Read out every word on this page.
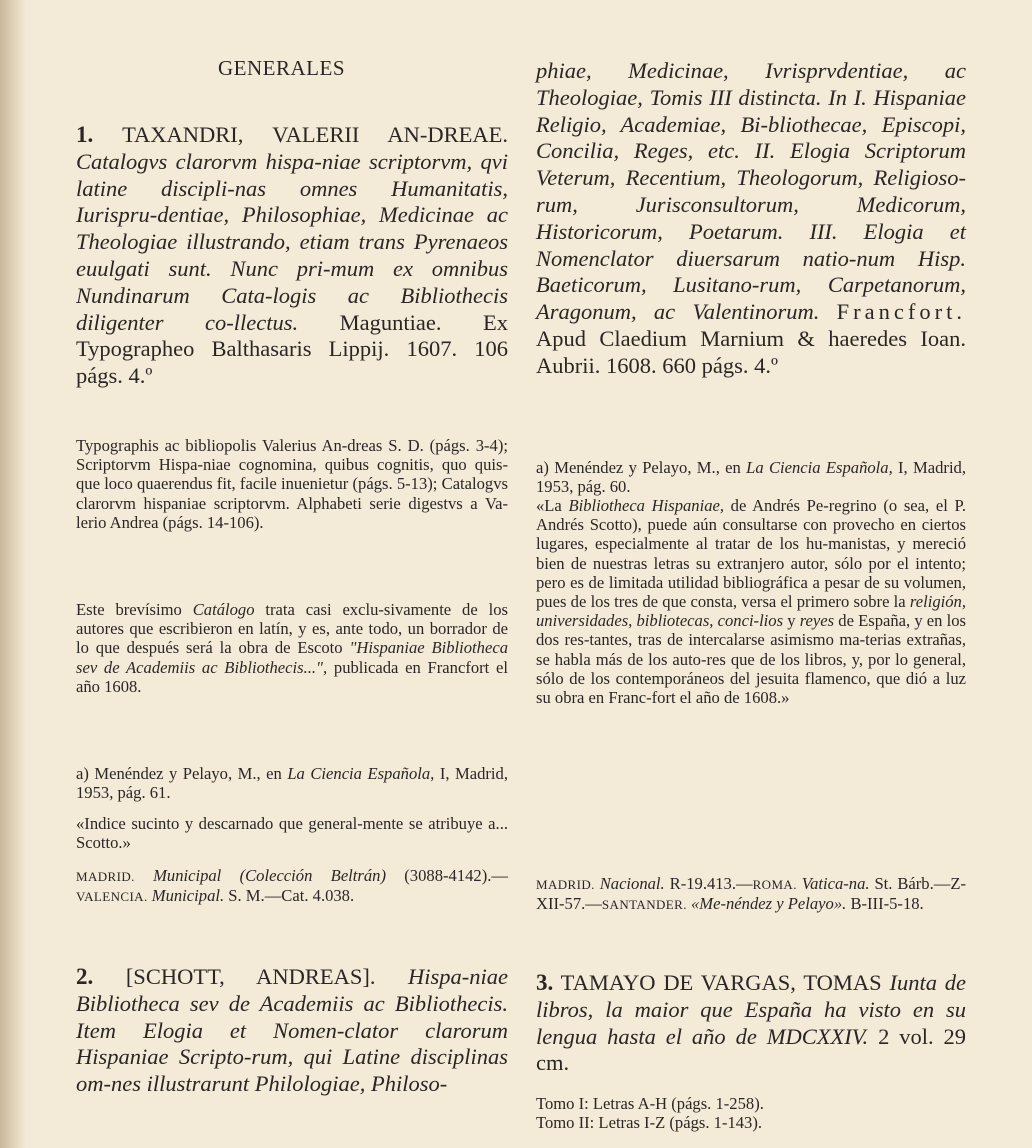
GENERALES

1. TAXANDRI, VALERII AN-DREAE. Catalogvs clarorvm hispa-niae scriptorvm, qvi latine discipli-nas omnes Humanitatis, Iurispru-dentiae, Philosophiae, Medicinae ac Theologiae illustrando, etiam trans Pyrenaeos euulgati sunt. Nunc pri-mum ex omnibus Nundinarum Cata-logis ac Bibliothecis diligenter co-llectus. Maguntiae. Ex Typographeo Balthasaris Lippij. 1607. 106 págs. 4.º

Typographis ac bibliopolis Valerius An-dreas S. D. (págs. 3-4); Scriptorvm Hispa-niae cognomina, quibus cognitis, quo quis-que loco quaerendus fit, facile inuenietur (págs. 5-13); Catalogvs clarorvm hispaniae scriptorvm. Alphabeti serie digestvs a Va-lerio Andrea (págs. 14-106).

Este brevísimo Catálogo trata casi exclu-sivamente de los autores que escribieron en latín, y es, ante todo, un borrador de lo que después será la obra de Escoto "Hispaniae Bibliotheca sev de Academiis ac Bibliothecis...", publicada en Francfort el año 1608.

a) Menéndez y Pelayo, M., en La Ciencia Española, I, Madrid, 1953, pág. 61.

«Indice sucinto y descarnado que general-mente se atribuye a... Scotto.»

MADRID. Municipal (Colección Beltrán) (3088-4142).—VALENCIA. Municipal. S. M.—Cat. 4.038.

2. [SCHOTT, ANDREAS]. Hispa-niae Bibliotheca sev de Academiis ac Bibliothecis. Item Elogia et Nomen-clator clarorum Hispaniae Scripto-rum, qui Latine disciplinas om-nes illustrarunt Philologiae, Philoso-

phiae, Medicinae, Ivrisprvdentiae, ac Theologiae, Tomis III distincta. In I. Hispaniae Religio, Academiae, Bi-bliothecae, Episcopi, Concilia, Reges, etc. II. Elogia Scriptorum Veterum, Recentium, Theologorum, Religioso-rum, Jurisconsultorum, Medicorum, Historicorum, Poetarum. III. Elogia et Nomenclator diuersarum natio-num Hisp. Baeticorum, Lusitano-rum, Carpetanorum, Aragonum, ac Valentinorum. Francfort. Apud Claedium Marnium & haeredes Ioan. Aubrii. 1608. 660 págs. 4.º

a) Menéndez y Pelayo, M., en La Ciencia Española, I, Madrid, 1953, pág. 60.

«La Bibliotheca Hispaniae, de Andrés Pe-regrino (o sea, el P. Andrés Scotto), puede aún consultarse con provecho en ciertos lugares, especialmente al tratar de los hu-manistas, y mereció bien de nuestras letras su extranjero autor, sólo por el intento; pero es de limitada utilidad bibliográfica a pesar de su volumen, pues de los tres de que consta, versa el primero sobre la religión, universidades, bibliotecas, conci-lios y reyes de España, y en los dos res-tantes, tras de intercalarse asimismo ma-terias extrañas, se habla más de los auto-res que de los libros, y, por lo general, sólo de los contemporáneos del jesuita flamenco, que dió a luz su obra en Franc-fort el año de 1608.»

MADRID. Nacional. R-19.413.—ROMA. Vatica-na. St. Bárb.—Z-XII-57.—SANTANDER. «Me-néndez y Pelayo». B-III-5-18.

3. TAMAYO DE VARGAS, TOMAS Iunta de libros, la maior que España ha visto en su lengua hasta el año de MDCXXIV. 2 vol. 29 cm.

Tomo I: Letras A-H (págs. 1-258).

Tomo II: Letras I-Z (págs. 1-143).
